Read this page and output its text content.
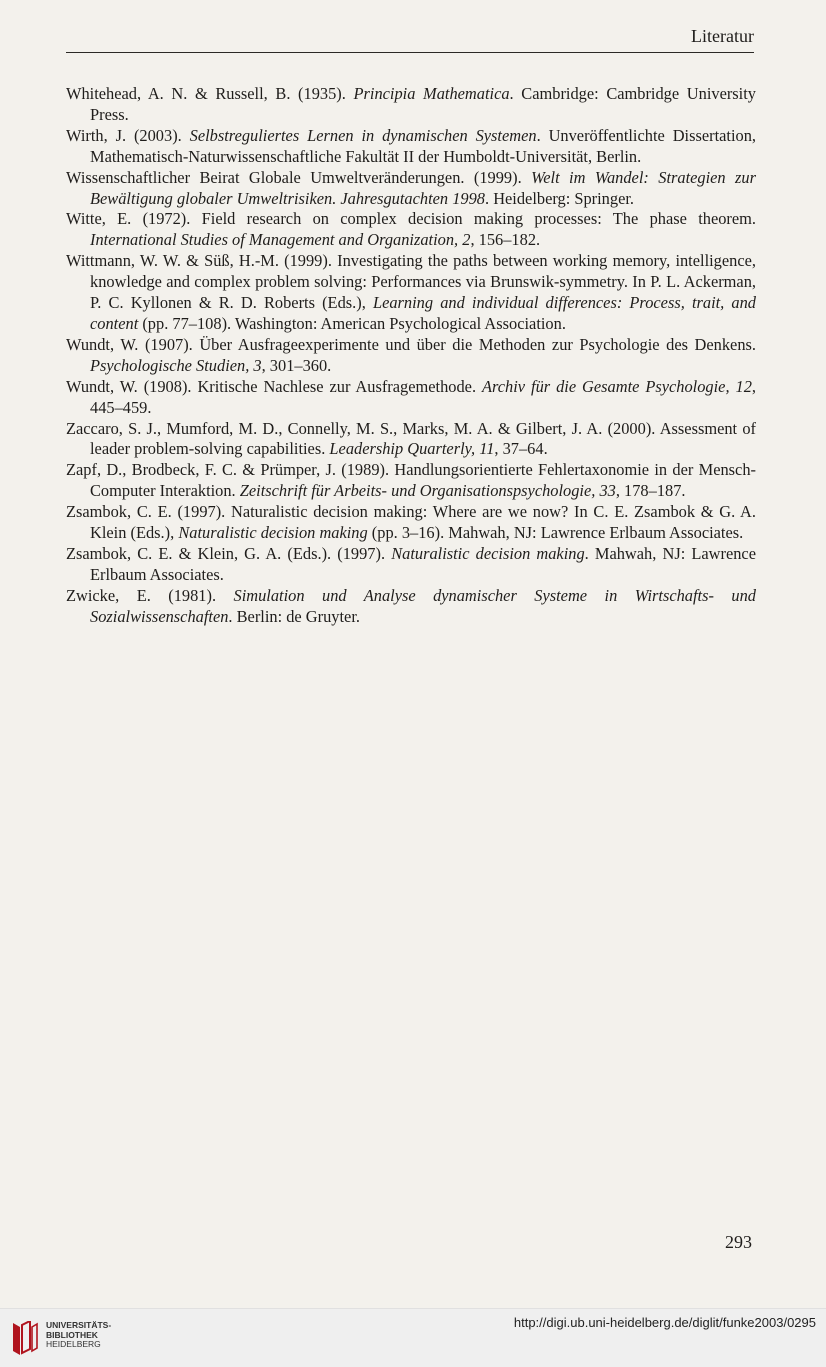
Literatur

Whitehead, A. N. & Russell, B. (1935). Principia Mathematica. Cambridge: Cambridge University Press.

Wirth, J. (2003). Selbstreguliertes Lernen in dynamischen Systemen. Unveröffentlichte Dissertation, Mathematisch-Naturwissenschaftliche Fakultät II der Humboldt-Universität, Berlin.

Wissenschaftlicher Beirat Globale Umweltveränderungen. (1999). Welt im Wandel: Strategien zur Bewältigung globaler Umweltrisiken. Jahresgutachten 1998. Heidelberg: Springer.

Witte, E. (1972). Field research on complex decision making processes: The phase theorem. International Studies of Management and Organization, 2, 156–182.

Wittmann, W. W. & Süß, H.-M. (1999). Investigating the paths between working memory, intelligence, knowledge and complex problem solving: Performances via Brunswik-symmetry. In P. L. Ackerman, P. C. Kyllonen & R. D. Roberts (Eds.), Learning and individual differences: Process, trait, and content (pp. 77–108). Washington: American Psychological Association.

Wundt, W. (1907). Über Ausfrageexperimente und über die Methoden zur Psychologie des Denkens. Psychologische Studien, 3, 301–360.

Wundt, W. (1908). Kritische Nachlese zur Ausfragemethode. Archiv für die Gesamte Psychologie, 12, 445–459.

Zaccaro, S. J., Mumford, M. D., Connelly, M. S., Marks, M. A. & Gilbert, J. A. (2000). Assessment of leader problem-solving capabilities. Leadership Quarterly, 11, 37–64.

Zapf, D., Brodbeck, F. C. & Prümper, J. (1989). Handlungsorientierte Fehlertaxonomie in der Mensch-Computer Interaktion. Zeitschrift für Arbeits- und Organisationspsychologie, 33, 178–187.

Zsambok, C. E. (1997). Naturalistic decision making: Where are we now? In C. E. Zsambok & G. A. Klein (Eds.), Naturalistic decision making (pp. 3–16). Mahwah, NJ: Lawrence Erlbaum Associates.

Zsambok, C. E. & Klein, G. A. (Eds.). (1997). Naturalistic decision making. Mahwah, NJ: Lawrence Erlbaum Associates.

Zwicke, E. (1981). Simulation und Analyse dynamischer Systeme in Wirtschafts- und Sozialwissenschaften. Berlin: de Gruyter.

293
UNIVERSITÄTS-
BIBLIOTHEK
HEIDELBERG
http://digi.ub.uni-heidelberg.de/diglit/funke2003/0295
